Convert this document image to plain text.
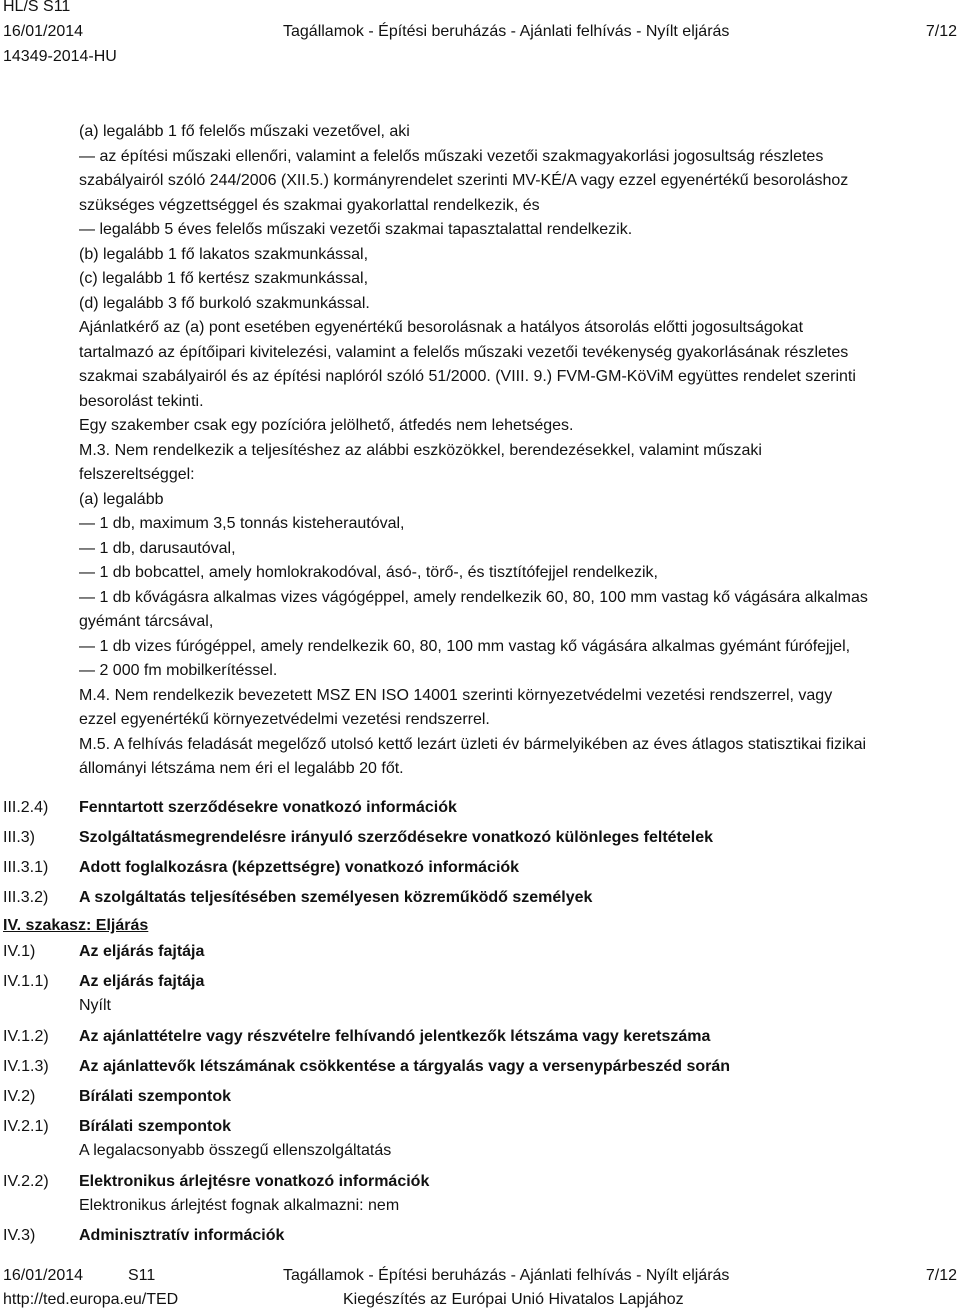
HL/S S11
16/01/2014
14349-2014-HU
Tagállamok - Építési beruházás - Ajánlati felhívás - Nyílt eljárás	7/12

(a) legalább 1 fő felelős műszaki vezetővel, aki

— az építési műszaki ellenőri, valamint a felelős műszaki vezetői szakmagyakorlási jogosultság részletes

szabályairól szóló 244/2006 (XII.5.) kormányrendelet szerinti MV-KÉ/A vagy ezzel egyenértékű besoroláshoz

szükséges végzettséggel és szakmai gyakorlattal rendelkezik, és

— legalább 5 éves felelős műszaki vezetői szakmai tapasztalattal rendelkezik.

(b) legalább 1 fő lakatos szakmunkással,

(c) legalább 1 fő kertész szakmunkással,

(d) legalább 3 fő burkoló szakmunkással.

Ajánlatkérő az (a) pont esetében egyenértékű besorolásnak a hatályos átsorolás előtti jogosultságokat

tartalmazó az építőipari kivitelezési, valamint a felelős műszaki vezetői tevékenység gyakorlásának részletes

szakmai szabályairól és az építési naplóról szóló 51/2000. (VIII. 9.) FVM-GM-KöViM együttes rendelet szerinti

besorolást tekinti.

Egy szakember csak egy pozícióra jelölhető, átfedés nem lehetséges.

M.3. Nem rendelkezik a teljesítéshez az alábbi eszközökkel, berendezésekkel, valamint műszaki

felszereltséggel:

(a) legalább

— 1 db, maximum 3,5 tonnás kisteherautóval,

— 1 db, darusautóval,

— 1 db bobcattel, amely homlokrakodóval, ásó-, törő-, és tisztítófejjel rendelkezik,

— 1 db kővágásra alkalmas vizes vágógéppel, amely rendelkezik 60, 80, 100 mm vastag kő vágására alkalmas

gyémánt tárcsával,

— 1 db vizes fúrógéppel, amely rendelkezik 60, 80, 100 mm vastag kő vágására alkalmas gyémánt fúrófejjel,

— 2 000 fm mobilkerítéssel.

M.4. Nem rendelkezik bevezetett MSZ EN ISO 14001 szerinti környezetvédelmi vezetési rendszerrel, vagy

ezzel egyenértékű környezetvédelmi vezetési rendszerrel.

M.5. A felhívás feladását megelőző utolsó kettő lezárt üzleti év bármelyikében az éves átlagos statisztikai fizikai

állományi létszáma nem éri el legalább 20 főt.

III.2.4) Fenntartott szerződésekre vonatkozó információk
III.3)	Szolgáltatásmegrendelésre irányuló szerződésekre vonatkozó különleges feltételek
III.3.1) Adott foglalkozásra (képzettségre) vonatkozó információk
III.3.2) A szolgáltatás teljesítésében személyesen közreműködő személyek
IV. szakasz: Eljárás
IV.1)	Az eljárás fajtája
IV.1.1) Az eljárás fajtája
Nyílt
IV.1.2) Az ajánlattételre vagy részvételre felhívandó jelentkezők létszáma vagy keretszáma
IV.1.3) Az ajánlattevők létszámának csökkentése a tárgyalás vagy a versenypárbeszéd során
IV.2)	Bírálati szempontok
IV.2.1) Bírálati szempontok
A legalacsonyabb összegű ellenszolgáltatás
IV.2.2) Elektronikus árlejtésre vonatkozó információk
Elektronikus árlejtést fognak alkalmazni: nem
IV.3)	Adminisztratív információk
16/01/2014	S11
http://ted.europa.eu/TED
Tagállamok - Építési beruházás - Ajánlati felhívás - Nyílt eljárás
Kiegészítés az Európai Unió Hivatalos Lapjához
7/12
